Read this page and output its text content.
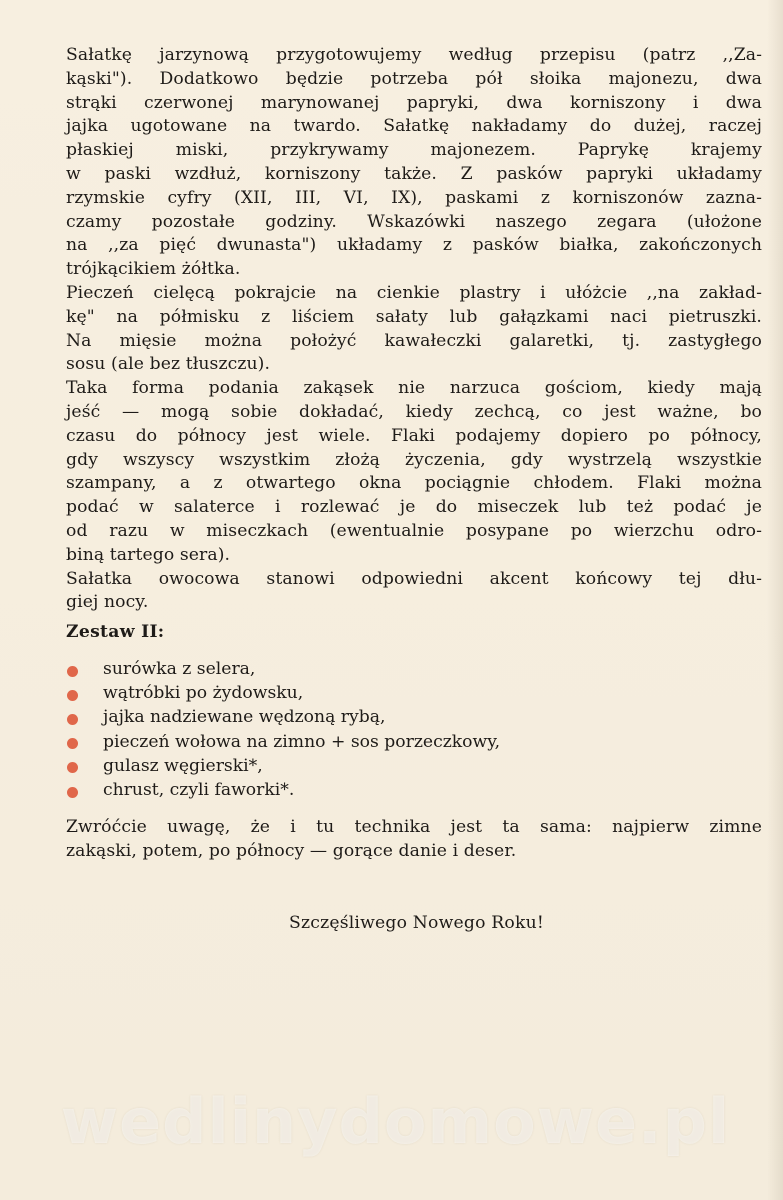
Sałatkę jarzynową przygotowujemy według przepisu (patrz ,,Za-
kąski"). Dodatkowo będzie potrzeba pół słoika majonezu, dwa
strąki czerwonej marynowanej papryki, dwa korniszony i dwa
jajka ugotowane na twardo. Sałatkę nakładamy do dużej, raczej
płaskiej miski, przykrywamy majonezem. Paprykę krajemy
w paski wzdłuż, korniszony także. Z pasków papryki układamy
rzymskie cyfry (XII, III, VI, IX), paskami z korniszonów zazna-
czamy pozostałe godziny. Wskazówki naszego zegara (ułożone
na ,,za pięć dwunasta") układamy z pasków białka, zakończonych
trójkącikiem żółtka.
Pieczeń cielęcą pokrajcie na cienkie plastry i ułóżcie ,,na zakład-
kę" na półmisku z liściem sałaty lub gałązkami naci pietruszki.
Na mięsie można położyć kawałeczki galaretki, tj. zastygłego
sosu (ale bez tłuszczu).
Taka forma podania zakąsek nie narzuca gościom, kiedy mają
jeść — mogą sobie dokładać, kiedy zechcą, co jest ważne, bo
czasu do północy jest wiele. Flaki podajemy dopiero po północy,
gdy wszyscy wszystkim złożą życzenia, gdy wystrzelą wszystkie
szampany, a z otwartego okna pociągnie chłodem. Flaki można
podać w salaterce i rozlewać je do miseczek lub też podać je
od razu w miseczkach (ewentualnie posypane po wierzchu odro-
biną tartego sera).
Sałatka owocowa stanowi odpowiedni akcent końcowy tej dłu-
giej nocy.
Zestaw II:
surówka z selera,
wątróbki po żydowsku,
jajka nadziewane wędzoną rybą,
pieczeń wołowa na zimno + sos porzeczkowy,
gulasz węgierski*,
chrust, czyli faworki*.
Zwróćcie uwagę, że i tu technika jest ta sama: najpierw zimne
zakąski, potem, po północy — gorące danie i deser.
Szczęśliwego Nowego Roku!
wedlinydomowe.pl
